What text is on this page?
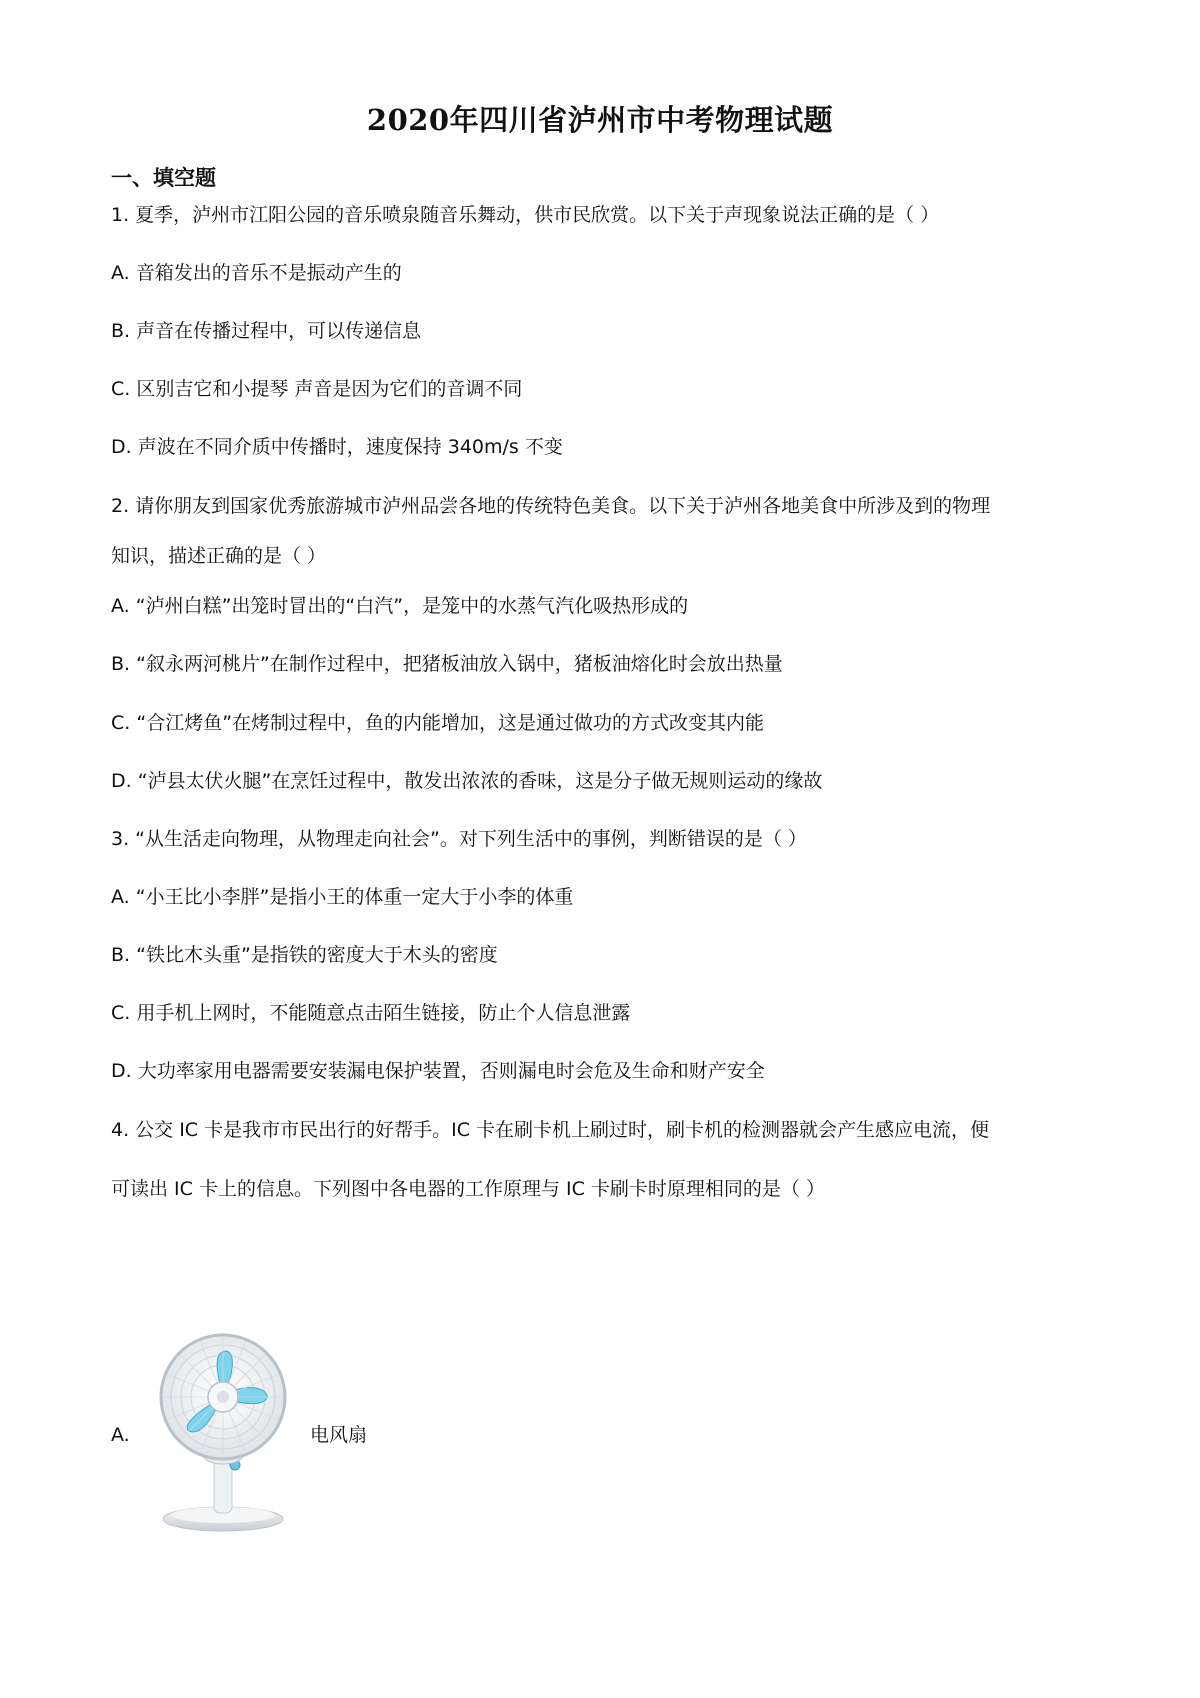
2020年四川省泸州市中考物理试题
一、填空题
1. 夏季，泸州市江阳公园的音乐喷泉随音乐舞动，供市民欣赏。以下关于声现象说法正确的是（ ）
A. 音箱发出的音乐不是振动产生的
B. 声音在传播过程中，可以传递信息
C. 区别吉它和小提琴 声音是因为它们的音调不同
D. 声波在不同介质中传播时，速度保持 340m/s 不变
2. 请你朋友到国家优秀旅游城市泸州品尝各地的传统特色美食。以下关于泸州各地美食中所涉及到的物理
知识，描述正确的是（ ）
A. “泸州白糕”出笼时冒出的“白汽”，是笼中的水蒸气汽化吸热形成的
B. “叙永两河桃片”在制作过程中，把猪板油放入锅中，猪板油熔化时会放出热量
C. “合江烤鱼”在烤制过程中，鱼的内能增加，这是通过做功的方式改变其内能
D. “泸县太伏火腿”在烹饪过程中，散发出浓浓的香味，这是分子做无规则运动的缘故
3. “从生活走向物理，从物理走向社会”。对下列生活中的事例，判断错误的是（ ）
A. “小王比小李胖”是指小王的体重一定大于小李的体重
B. “铁比木头重”是指铁的密度大于木头的密度
C. 用手机上网时，不能随意点击陌生链接，防止个人信息泄露
D. 大功率家用电器需要安装漏电保护装置，否则漏电时会危及生命和财产安全
4. 公交 IC 卡是我市市民出行的好帮手。IC 卡在刷卡机上刷过时，刷卡机的检测器就会产生感应电流，便
可读出 IC 卡上的信息。下列图中各电器的工作原理与 IC 卡刷卡时原理相同的是（ ）
A.	电风扇
